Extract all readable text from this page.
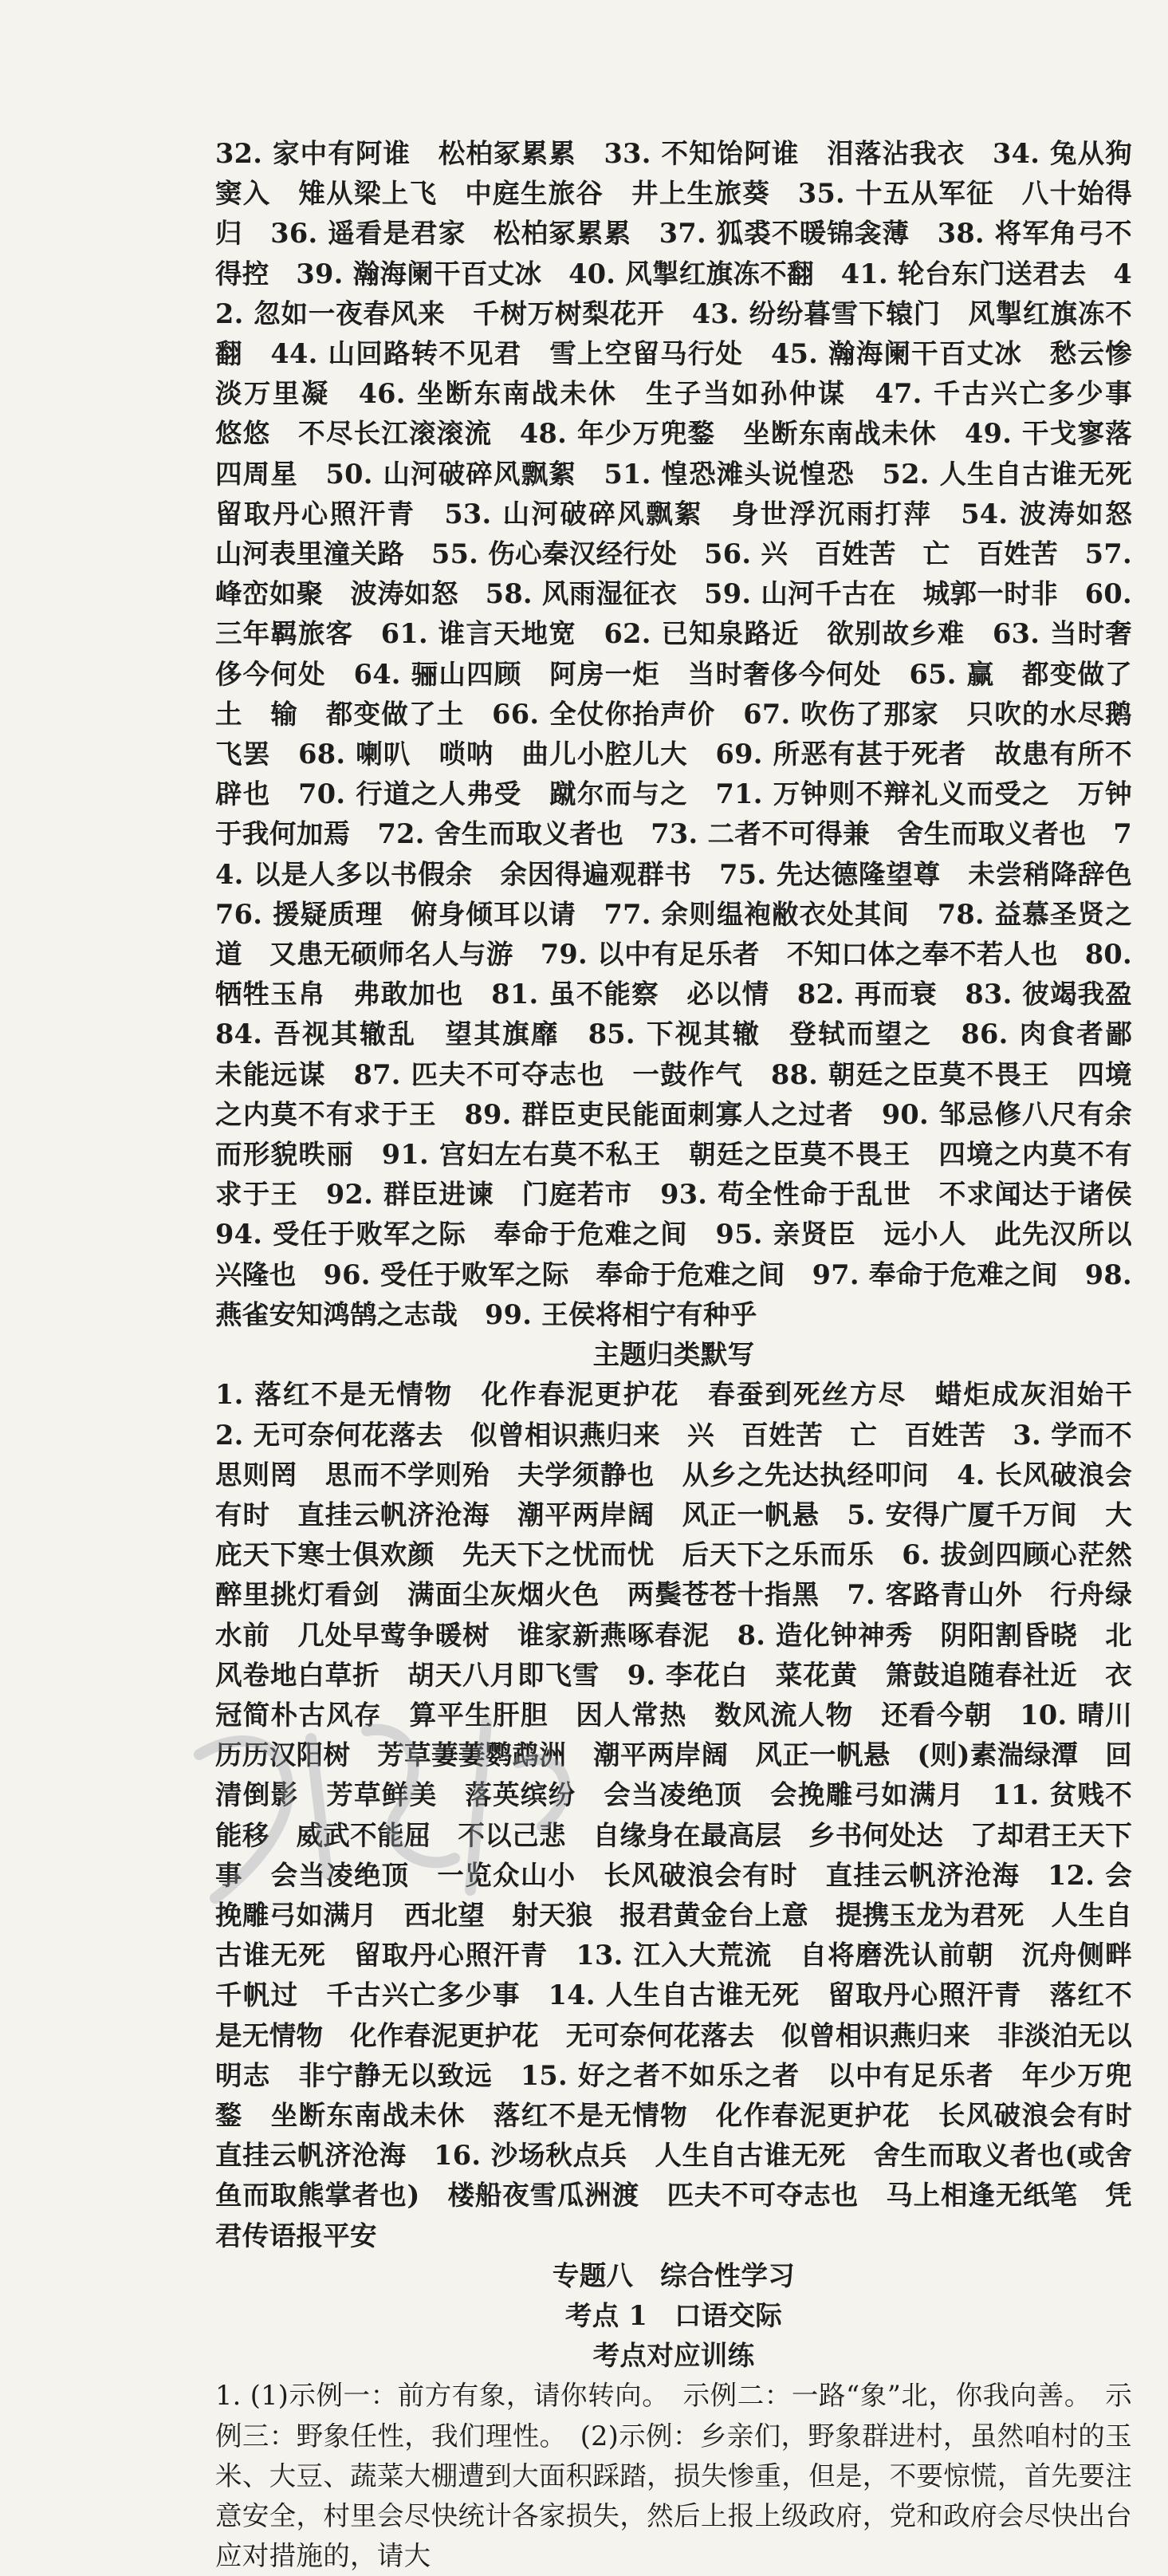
32. 家中有阿谁　松柏冢累累　33. 不知饴阿谁　泪落沾我衣　34. 兔从狗窦入　雉从梁上飞　中庭生旅谷　井上生旅葵　35. 十五从军征　八十始得归　36. 遥看是君家　松柏冢累累　37. 狐裘不暖锦衾薄　38. 将军角弓不得控　39. 瀚海阑干百丈冰　40. 风掣红旗冻不翻　41. 轮台东门送君去　42. 忽如一夜春风来　千树万树梨花开　43. 纷纷暮雪下辕门　风掣红旗冻不翻　44. 山回路转不见君　雪上空留马行处　45. 瀚海阑干百丈冰　愁云惨淡万里凝　46. 坐断东南战未休　生子当如孙仲谋　47. 千古兴亡多少事　悠悠　不尽长江滚滚流　48. 年少万兜鍪　坐断东南战未休　49. 干戈寥落四周星　50. 山河破碎风飘絮　51. 惶恐滩头说惶恐　52. 人生自古谁无死　留取丹心照汗青　53. 山河破碎风飘絮　身世浮沉雨打萍　54. 波涛如怒　山河表里潼关路　55. 伤心秦汉经行处　56. 兴　百姓苦　亡　百姓苦　57. 峰峦如聚　波涛如怒　58. 风雨湿征衣　59. 山河千古在　城郭一时非　60. 三年羁旅客　61. 谁言天地宽　62. 已知泉路近　欲别故乡难　63. 当时奢侈今何处　64. 骊山四顾　阿房一炬　当时奢侈今何处　65. 赢　都变做了土　输　都变做了土　66. 全仗你抬声价　67. 吹伤了那家　只吹的水尽鹅飞罢　68. 喇叭　唢呐　曲儿小腔儿大　69. 所恶有甚于死者　故患有所不辟也　70. 行道之人弗受　蹴尔而与之　71. 万钟则不辩礼义而受之　万钟于我何加焉　72. 舍生而取义者也　73. 二者不可得兼　舍生而取义者也　74. 以是人多以书假余　余因得遍观群书　75. 先达德隆望尊　未尝稍降辞色　76. 援疑质理　俯身倾耳以请　77. 余则缊袍敝衣处其间　78. 益慕圣贤之道　又患无硕师名人与游　79. 以中有足乐者　不知口体之奉不若人也　80. 牺牲玉帛　弗敢加也　81. 虽不能察　必以情　82. 再而衰　83. 彼竭我盈　84. 吾视其辙乱　望其旗靡　85. 下视其辙　登轼而望之　86. 肉食者鄙　未能远谋　87. 匹夫不可夺志也　一鼓作气　88. 朝廷之臣莫不畏王　四境之内莫不有求于王　89. 群臣吏民能面刺寡人之过者　90. 邹忌修八尺有余　而形貌昳丽　91. 宫妇左右莫不私王　朝廷之臣莫不畏王　四境之内莫不有求于王　92. 群臣进谏　门庭若市　93. 苟全性命于乱世　不求闻达于诸侯　94. 受任于败军之际　奉命于危难之间　95. 亲贤臣　远小人　此先汉所以兴隆也　96. 受任于败军之际　奉命于危难之间　97. 奉命于危难之间　98. 燕雀安知鸿鹄之志哉　99. 王侯将相宁有种乎

主题归类默写

1. 落红不是无情物　化作春泥更护花　春蚕到死丝方尽　蜡炬成灰泪始干　2. 无可奈何花落去　似曾相识燕归来　兴　百姓苦　亡　百姓苦　3. 学而不思则罔　思而不学则殆　夫学须静也　从乡之先达执经叩问　4. 长风破浪会有时　直挂云帆济沧海　潮平两岸阔　风正一帆悬　5. 安得广厦千万间　大庇天下寒士俱欢颜　先天下之忧而忧　后天下之乐而乐　6. 拔剑四顾心茫然　醉里挑灯看剑　满面尘灰烟火色　两鬓苍苍十指黑　7. 客路青山外　行舟绿水前　几处早莺争暖树　谁家新燕啄春泥　8. 造化钟神秀　阴阳割昏晓　北风卷地白草折　胡天八月即飞雪　9. 李花白　菜花黄　箫鼓追随春社近　衣冠简朴古风存　算平生肝胆　因人常热　数风流人物　还看今朝　10. 晴川历历汉阳树　芳草萋萋鹦鹉洲　潮平两岸阔　风正一帆悬　(则)素湍绿潭　回清倒影　芳草鲜美　落英缤纷　会当凌绝顶　会挽雕弓如满月　11. 贫贱不能移　威武不能屈　不以己悲　自缘身在最高层　乡书何处达　了却君王天下事　会当凌绝顶　一览众山小　长风破浪会有时　直挂云帆济沧海　12. 会挽雕弓如满月　西北望　射天狼　报君黄金台上意　提携玉龙为君死　人生自古谁无死　留取丹心照汗青　13. 江入大荒流　自将磨洗认前朝　沉舟侧畔千帆过　千古兴亡多少事　14. 人生自古谁无死　留取丹心照汗青　落红不是无情物　化作春泥更护花　无可奈何花落去　似曾相识燕归来　非淡泊无以明志　非宁静无以致远　15. 好之者不如乐之者　以中有足乐者　年少万兜鍪　坐断东南战未休　落红不是无情物　化作春泥更护花　长风破浪会有时　直挂云帆济沧海　16. 沙场秋点兵　人生自古谁无死　舍生而取义者也(或舍鱼而取熊掌者也)　楼船夜雪瓜洲渡　匹夫不可夺志也　马上相逢无纸笔　凭君传语报平安

专题八　综合性学习

考点 1　口语交际

考点对应训练

1. (1)示例一：前方有象，请你转向。　示例二：一路“象”北，你我向善。　示例三：野象任性，我们理性。　(2)示例：乡亲们，野象群进村，虽然咱村的玉米、大豆、蔬菜大棚遭到大面积踩踏，损失惨重，但是，不要惊慌，首先要注意安全，村里会尽快统计各家损失，然后上报上级政府，党和政府会尽快出台应对措施的，请大
